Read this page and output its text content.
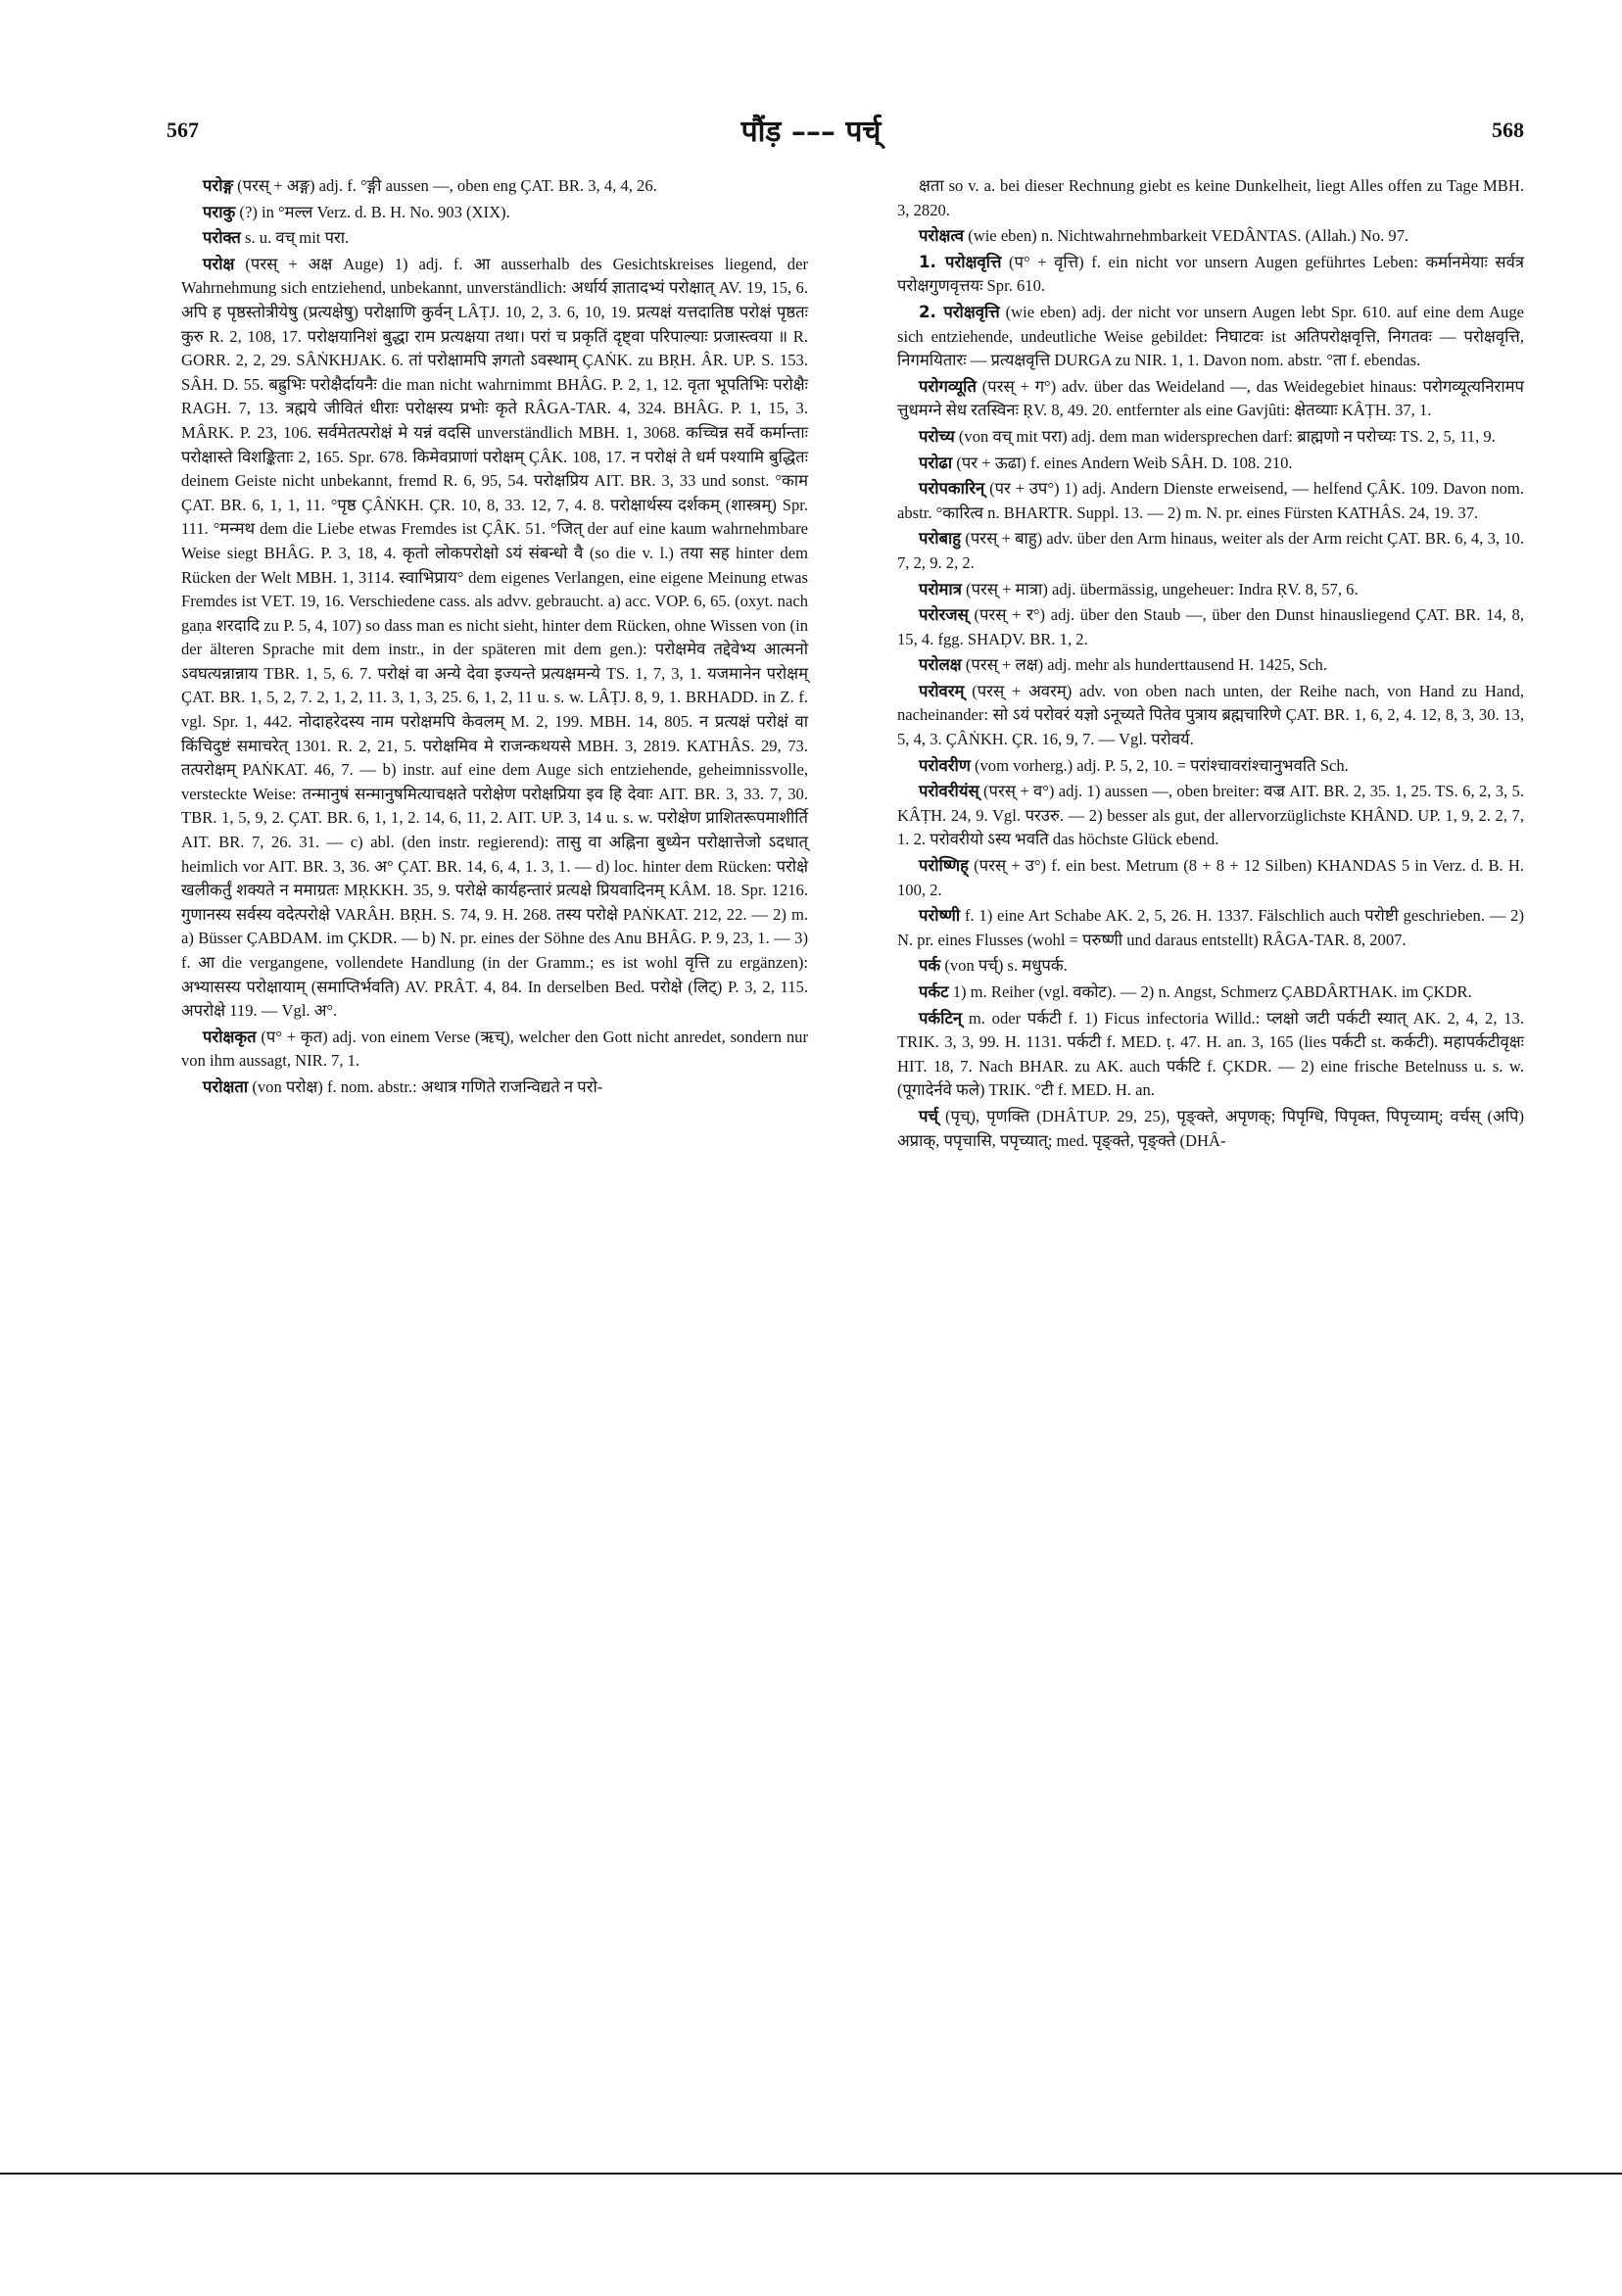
567	पौंड़ ––– पर्च्	568

परोङ्ग (परस् + अङ्ग) adj. f. °ङ्गी aussen —, oben eng ÇAT. BR. 3, 4, 4, 26.

पराकु (?) in °मल्ल Verz. d. B. H. No. 903 (XIX).

परोक्त s. u. वच् mit परा.

परोक्ष (परस् + अक्ष Auge) 1) adj. f. आ ausserhalb des Gesichtskreises liegend, der Wahrnehmung sich entziehend, unbekannt, unverständlich: अर्धार्य ज्ञातादभ्यं परोक्षात् AV. 19, 15, 6. अपि ह पृष्ठस्तोत्रीयेषु (प्रत्यक्षेषु) परोक्षाणि कुर्वन् LÂṬJ. 10, 2, 3. 6, 10, 19. प्रत्यक्षं यत्तदातिष्ठ परोक्षं पृष्ठतः कुरु R. 2, 108, 17. परोक्षयानिशं बुद्धा राम प्रत्यक्षया तथा। परां च प्रकृतिं दृष्ट्वा परिपाल्याः प्रजास्त्वया ॥ R. GORR. 2, 2, 29. SÂṄKHJAK. 6. तां परोक्षामपि ज्ञगतो ऽवस्थाम् ÇAṄK. zu BṚH. ÂR. UP. S. 153. SÂH. D. 55. बह्रुभिः परोक्षैर्दायनैः die man nicht wahrnimmt BHÂG. P. 2, 1, 12. वृता भूपतिभिः परोक्षैः RAGH. 7, 13. त्रह्मये जीवितं धीराः परोक्षस्य प्रभोः कृते RÂGA-TAR. 4, 324. BHÂG. P. 1, 15, 3. MÂRK. P. 23, 106. सर्वमेतत्परोक्षं मे यन्नं वदसि unverständlich MBH. 1, 3068. कच्चिन्न सर्वे कर्मान्ताः परोक्षास्ते विशङ्किताः 2, 165. Spr. 678. किमेवप्राणां परोक्षम् ÇÂK. 108, 17. न परोक्षं ते धर्म पश्यामि बुद्धितः deinem Geiste nicht unbekannt, fremd R. 6, 95, 54. परोक्षप्रिय AIT. BR. 3, 33 und sonst. °काम ÇAT. BR. 6, 1, 1, 11. °पृष्ठ ÇÂṄKH. ÇR. 10, 8, 33. 12, 7, 4. 8. परोक्षार्थस्य दर्शकम् (शास्त्रम्) Spr. 111. °मन्मथ dem die Liebe etwas Fremdes ist ÇÂK. 51. °जित् der auf eine kaum wahrnehmbare Weise siegt BHÂG. P. 3, 18, 4. कृतो लोकपरोक्षो ऽयं संबन्धो वै (so die v. l.) तया सह hinter dem Rücken der Welt MBH. 1, 3114. स्वाभिप्राय° dem eigenes Verlangen, eine eigene Meinung etwas Fremdes ist VET. 19, 16. Verschiedene cass. als advv. gebraucht. a) acc. VOP. 6, 65. (oxyt. nach gaṇa शरदादि zu P. 5, 4, 107) so dass man es nicht sieht, hinter dem Rücken, ohne Wissen von (in der älteren Sprache mit dem instr., in der späteren mit dem gen.): परोक्षमेव तद्देवेभ्य आत्मनो ऽवघत्यन्नान्नाय TBR. 1, 5, 6. 7. परोक्षं वा अन्ये देवा इज्यन्ते प्रत्यक्षमन्ये TS. 1, 7, 3, 1. यजमानेन परोक्षम् ÇAT. BR. 1, 5, 2, 7. 2, 1, 2, 11. 3, 1, 3, 25. 6, 1, 2, 11 u. s. w. LÂṬJ. 8, 9, 1. BRHADD. in Z. f. vgl. Spr. 1, 442. नोदाहरेदस्य नाम परोक्षमपि केवलम् M. 2, 199. MBH. 14, 805. न प्रत्यक्षं परोक्षं वा किंचिदुष्टं समाचरेत् 1301. R. 2, 21, 5. परोक्षमिव मे राजन्कथयसे MBH. 3, 2819. KATHÂS. 29, 73. तत्परोक्षम् PAṄKAT. 46, 7. — b) instr. auf eine dem Auge sich entziehende, geheimnissvolle, versteckte Weise: तन्मानुषं सन्मानुषमित्याचक्षते परोक्षेण परोक्षप्रिया इव हि देवाः AIT. BR. 3, 33. 7, 30. TBR. 1, 5, 9, 2. ÇAT. BR. 6, 1, 1, 2. 14, 6, 11, 2. AIT. UP. 3, 14 u. s. w. परोक्षेण प्राशितरूपमाशीर्ति AIT. BR. 7, 26. 31. — c) abl. (den instr. regierend): तासु वा अह्निना बुध्येन परोक्षात्तेजो ऽदधात् heimlich vor AIT. BR. 3, 36. अ° ÇAT. BR. 14, 6, 4, 1. 3, 1. — d) loc. hinter dem Rücken: परोक्षे खलीकर्तुं शक्यते न ममाग्रतः MṚKKH. 35, 9. परोक्षे कार्यहन्तारं प्रत्यक्षे प्रियवादिनम् KÂM. 18. Spr. 1216. गुणानस्य सर्वस्य वदेत्परोक्षे VARÂH. BṚH. S. 74, 9. H. 268. तस्य परोक्षे PAṄKAT. 212, 22. — 2) m. a) Büsser ÇABDAM. im ÇKDR. — b) N. pr. eines der Söhne des Anu BHÂG. P. 9, 23, 1. — 3) f. आ die vergangene, vollendete Handlung (in der Gramm.; es ist wohl वृत्ति zu ergänzen): अभ्यासस्य परोक्षायाम् (समाप्तिर्भवति) AV. PRÂT. 4, 84. In derselben Bed. परोक्षे (लिट्) P. 3, 2, 115. अपरोक्षे 119. — Vgl. अ°.

परोक्षकृत (प° + कृत) adj. von einem Verse (ऋच्), welcher den Gott nicht anredet, sondern nur von ihm aussagt, NIR. 7, 1.

परोक्षता (von परोक्ष) f. nom. abstr.: अथात्र गणिते राजन्विद्यते न परो-

क्षता so v. a. bei dieser Rechnung giebt es keine Dunkelheit, liegt Alles offen zu Tage MBH. 3, 2820.

परोक्षत्व (wie eben) n. Nichtwahrnehmbarkeit VEDÂNTAS. (Allah.) No. 97.

1. परोक्षवृत्ति (प° + वृत्ति) f. ein nicht vor unsern Augen geführtes Leben: कर्मानमेयाः सर्वत्र परोक्षगुणवृत्तयः Spr. 610.

2. परोक्षवृत्ति (wie eben) adj. der nicht vor unsern Augen lebt Spr. 610. auf eine dem Auge sich entziehende, undeutliche Weise gebildet: निघाटवः ist अतिपरोक्षवृत्ति, निगतवः — परोक्षवृत्ति, निगमयितारः — प्रत्यक्षवृत्ति DURGA zu NIR. 1, 1. Davon nom. abstr. °ता f. ebendas.

परोगव्यूति (परस् + ग°) adv. über das Weideland —, das Weidegebiet hinaus: परोगव्यूत्यनिरामप त्तुधमग्ने सेध रतस्विनः ṚV. 8, 49. 20. entfernter als eine Gavjûti: क्षेतव्याः KÂṬH. 37, 1.

परोच्य (von वच् mit परा) adj. dem man widersprechen darf: ब्राह्मणो न परोच्यः TS. 2, 5, 11, 9.

परोढा (पर + ऊढा) f. eines Andern Weib SÂH. D. 108. 210.

परोपकारिन् (पर + उप°) 1) adj. Andern Dienste erweisend, — helfend ÇÂK. 109. Davon nom. abstr. °कारित्व n. BHARTR. Suppl. 13. — 2) m. N. pr. eines Fürsten KATHÂS. 24, 19. 37.

परोबाहु (परस् + बाहु) adv. über den Arm hinaus, weiter als der Arm reicht ÇAT. BR. 6, 4, 3, 10. 7, 2, 9. 2, 2.

परोमात्र (परस् + मात्रा) adj. übermässig, ungeheuer: Indra ṚV. 8, 57, 6.

परोरजस् (परस् + र°) adj. über den Staub —, über den Dunst hinausliegend ÇAT. BR. 14, 8, 15, 4. fgg. SHAḌV. BR. 1, 2.

परोलक्ष (परस् + लक्ष) adj. mehr als hunderttausend H. 1425, Sch.

परोवरम् (परस् + अवरम्) adv. von oben nach unten, der Reihe nach, von Hand zu Hand, nacheinander: सो ऽयं परोवरं यज्ञो ऽनूच्यते पितेव पुत्राय ब्रह्मचारिणे ÇAT. BR. 1, 6, 2, 4. 12, 8, 3, 30. 13, 5, 4, 3. ÇÂṄKH. ÇR. 16, 9, 7. — Vgl. परोवर्य.

परोवरीण (vom vorherg.) adj. P. 5, 2, 10. = परांश्चावरांश्चानुभवति Sch.

परोवरीयंस् (परस् + व°) adj. 1) aussen —, oben breiter: वज्र AIT. BR. 2, 35. 1, 25. TS. 6, 2, 3, 5. KÂṬH. 24, 9. Vgl. परउरु. — 2) besser als gut, der allervorzüglichste KHÂND. UP. 1, 9, 2. 2, 7, 1. 2. परोवरीयो ऽस्य भवति das höchste Glück ebend.

परोष्णिह् (परस् + उ°) f. ein best. Metrum (8 + 8 + 12 Silben) KHANDAS 5 in Verz. d. B. H. 100, 2.

परोष्णी f. 1) eine Art Schabe AK. 2, 5, 26. H. 1337. Fälschlich auch परोष्टी geschrieben. — 2) N. pr. eines Flusses (wohl = परुष्णी und daraus entstellt) RÂGA-TAR. 8, 2007.

पर्क (von पर्च्) s. मधुपर्क.

पर्कट 1) m. Reiher (vgl. वकोट). — 2) n. Angst, Schmerz ÇABDÂRTHAK. im ÇKDR.

पर्कटिन् m. oder पर्कटी f. 1) Ficus infectoria Willd.: प्लक्षो जटी पर्कटी स्यात् AK. 2, 4, 2, 13. TRIK. 3, 3, 99. H. 1131. पर्कटी f. MED. ṭ. 47. H. an. 3, 165 (lies पर्कटी st. कर्कटी). महापर्कटीवृक्षः HIT. 18, 7. Nach BHAR. zu AK. auch पर्कटि f. ÇKDR. — 2) eine frische Betelnuss u. s. w. (पूगादेर्नवे फले) TRIK. °टी f. MED. H. an.

पर्च् (पृच्), पृणक्ति (DHÂTUP. 29, 25), पृङ्क्ते, अपृणक्; पिपृग्धि, पिपृक्त, पिपृच्याम्; वर्चस् (अपि) अप्राक्, पपृचासि, पपृच्यात्; med. पृङ्क्ते, पृङ्क्ते (DHÂ-
